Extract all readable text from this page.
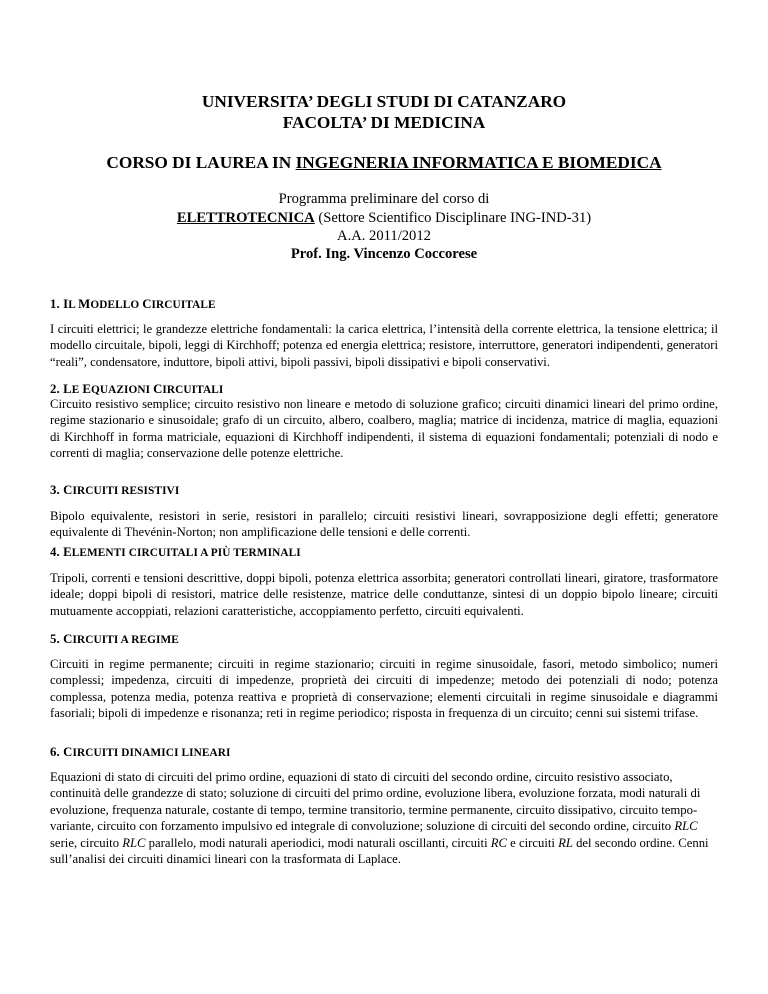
UNIVERSITA’ DEGLI STUDI DI CATANZARO
FACOLTA’ DI MEDICINA
CORSO DI LAUREA IN INGEGNERIA INFORMATICA E BIOMEDICA
Programma preliminare del corso di
ELETTROTECNICA (Settore Scientifico Disciplinare ING-IND-31)
A.A. 2011/2012
Prof. Ing. Vincenzo Coccorese
1. IL MODELLO CIRCUITALE
I circuiti elettrici; le grandezze elettriche fondamentali: la carica elettrica, l’intensità della corrente elettrica, la tensione elettrica; il modello circuitale, bipoli, leggi di Kirchhoff; potenza ed energia elettrica; resistore, interruttore, generatori indipendenti, generatori “reali”, condensatore, induttore, bipoli attivi, bipoli passivi, bipoli dissipativi e bipoli conservativi.
2. LE EQUAZIONI CIRCUITALI
Circuito resistivo semplice; circuito resistivo non lineare e metodo di soluzione grafico; circuiti dinamici lineari del primo ordine, regime stazionario e sinusoidale; grafo di un circuito, albero, coalbero, maglia; matrice di incidenza, matrice di maglia, equazioni di Kirchhoff in forma matriciale, equazioni di Kirchhoff indipendenti, il sistema di equazioni fondamentali; potenziali di nodo e correnti di maglia; conservazione delle potenze elettriche.
3. CIRCUITI RESISTIVI
Bipolo equivalente, resistori in serie, resistori in parallelo; circuiti resistivi lineari, sovrapposizione degli effetti; generatore equivalente di Thevénin-Norton; non amplificazione delle tensioni e delle correnti.
4. ELEMENTI CIRCUITALI A PIÙ TERMINALI
Tripoli, correnti e tensioni descrittive, doppi bipoli, potenza elettrica assorbita; generatori controllati lineari, giratore, trasformatore ideale; doppi bipoli di resistori, matrice delle resistenze, matrice delle conduttanze, sintesi di un doppio bipolo lineare; circuiti mutuamente accoppiati, relazioni caratteristiche, accoppiamento perfetto, circuiti equivalenti.
5. CIRCUITI A REGIME
Circuiti in regime permanente; circuiti in regime stazionario; circuiti in regime sinusoidale, fasori, metodo simbolico; numeri complessi; impedenza, circuiti di impedenze, proprietà dei circuiti di impedenze; metodo dei potenziali di nodo; potenza complessa, potenza media, potenza reattiva e proprietà di conservazione; elementi circuitali in regime sinusoidale e diagrammi fasoriali; bipoli di impedenze e risonanza; reti in regime periodico; risposta in frequenza di un circuito; cenni sui sistemi trifase.
6. CIRCUITI DINAMICI LINEARI
Equazioni di stato di circuiti del primo ordine, equazioni di stato di circuiti del secondo ordine, circuito resistivo associato, continuità delle grandezze di stato; soluzione di circuiti del primo ordine, evoluzione libera, evoluzione forzata, modi naturali di evoluzione, frequenza naturale, costante di tempo, termine transitorio, termine permanente, circuito dissipativo, circuito tempo-variante, circuito con forzamento impulsivo ed integrale di convoluzione; soluzione di circuiti del secondo ordine, circuito RLC serie, circuito RLC parallelo, modi naturali aperiodici, modi naturali oscillanti, circuiti RC e circuiti RL del secondo ordine. Cenni sull’analisi dei circuiti dinamici lineari con la trasformata di Laplace.
